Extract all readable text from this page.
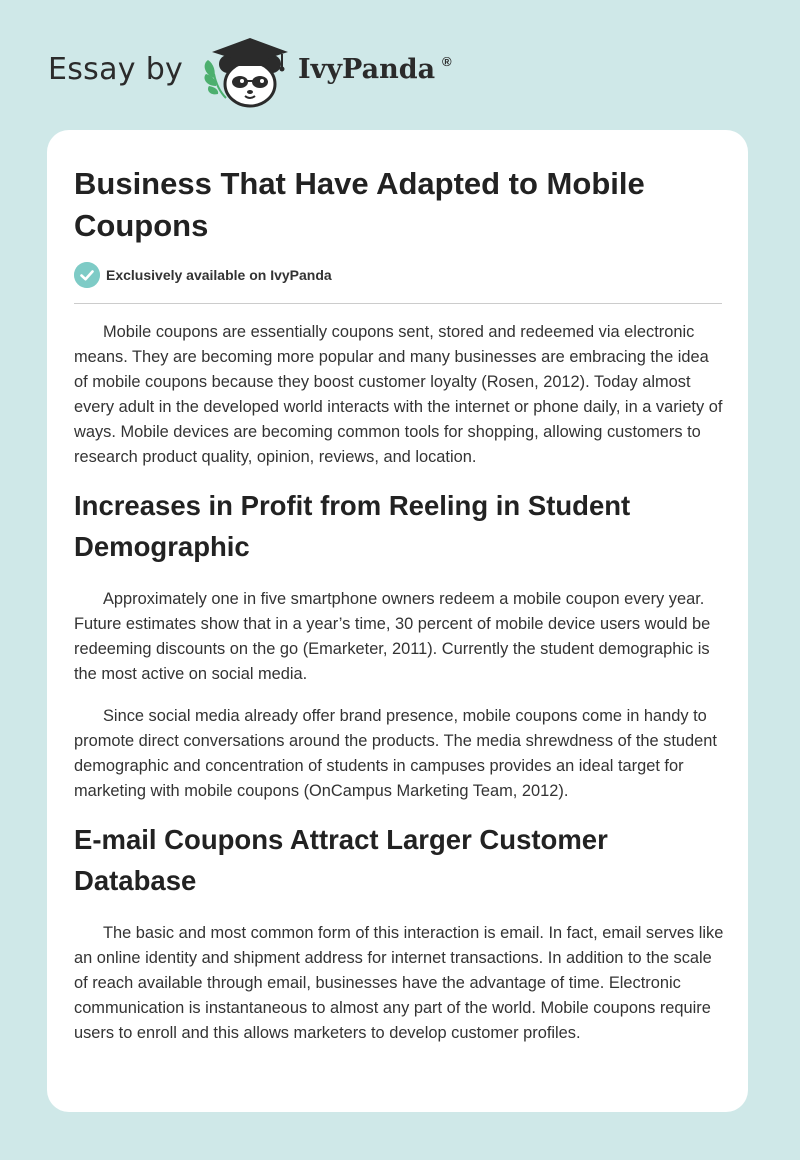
Essay by	IvyPanda ®
Business That Have Adapted to Mobile Coupons
Exclusively available on IvyPanda

Mobile coupons are essentially coupons sent, stored and redeemed via electronic means. They are becoming more popular and many businesses are embracing the idea of mobile coupons because they boost customer loyalty (Rosen, 2012). Today almost every adult in the developed world interacts with the internet or phone daily, in a variety of ways. Mobile devices are becoming common tools for shopping, allowing customers to research product quality, opinion, reviews, and location.

Increases in Profit from Reeling in Student Demographic

Approximately one in five smartphone owners redeem a mobile coupon every year. Future estimates show that in a year’s time, 30 percent of mobile device users would be redeeming discounts on the go (Emarketer, 2011). Currently the student demographic is the most active on social media.

Since social media already offer brand presence, mobile coupons come in handy to promote direct conversations around the products. The media shrewdness of the student demographic and concentration of students in campuses provides an ideal target for marketing with mobile coupons (OnCampus Marketing Team, 2012).

E-mail Coupons Attract Larger Customer Database

The basic and most common form of this interaction is email. In fact, email serves like an online identity and shipment address for internet transactions. In addition to the scale of reach available through email, businesses have the advantage of time. Electronic communication is instantaneous to almost any part of the world. Mobile coupons require users to enroll and this allows marketers to develop customer profiles.
